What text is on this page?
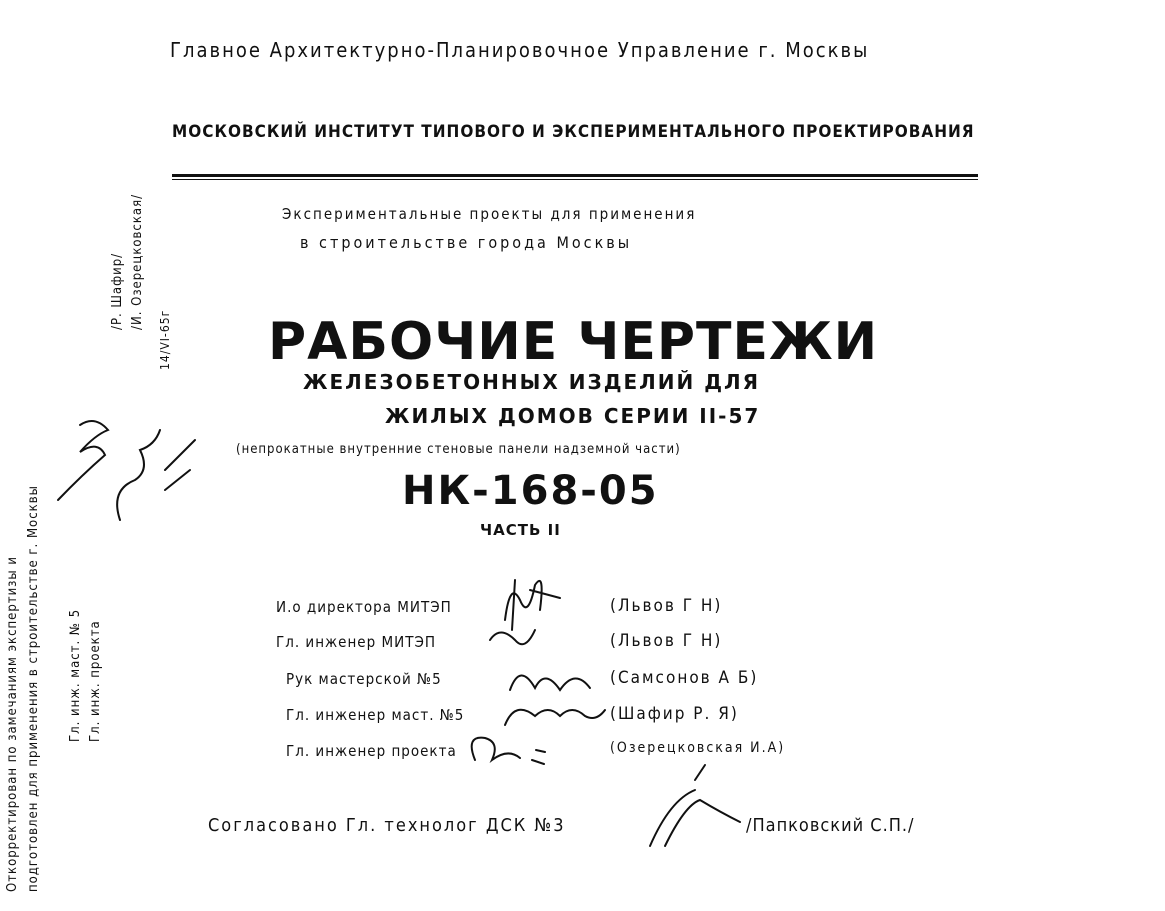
Главное Архитектурно-Планировочное Управление г. Москвы
МОСКОВСКИЙ ИНСТИТУТ ТИПОВОГО И ЭКСПЕРИМЕНТАЛЬНОГО ПРОЕКТИРОВАНИЯ
Экспериментальные проекты для применения
в строительстве города Москвы
РАБОЧИЕ ЧЕРТЕЖИ
ЖЕЛЕЗОБЕТОННЫХ ИЗДЕЛИЙ ДЛЯ
ЖИЛЫХ ДОМОВ СЕРИИ II-57
(непрокатные внутренние стеновые панели надземной части)
НК-168-05
ЧАСТЬ II
И.о директора МИТЭП	(Львов Г Н)
Гл. инженер МИТЭП	(Львов Г Н)
Рук мастерской №5	(Самсонов А Б)
Гл. инженер маст. №5	(Шафир Р. Я)
Гл. инженер проекта	(Озерецковская И.А)
Согласовано Гл. технолог ДСК №3	/Папковский С.П./
Откорректирован по замечаниям экспертизы и подготовлен для применения в строительстве г. Москвы Гл. инж. маст. № 5 Гл. инж. проекта
/Р. Шафир/ /И. Озерецковская/
14/VI-65г
